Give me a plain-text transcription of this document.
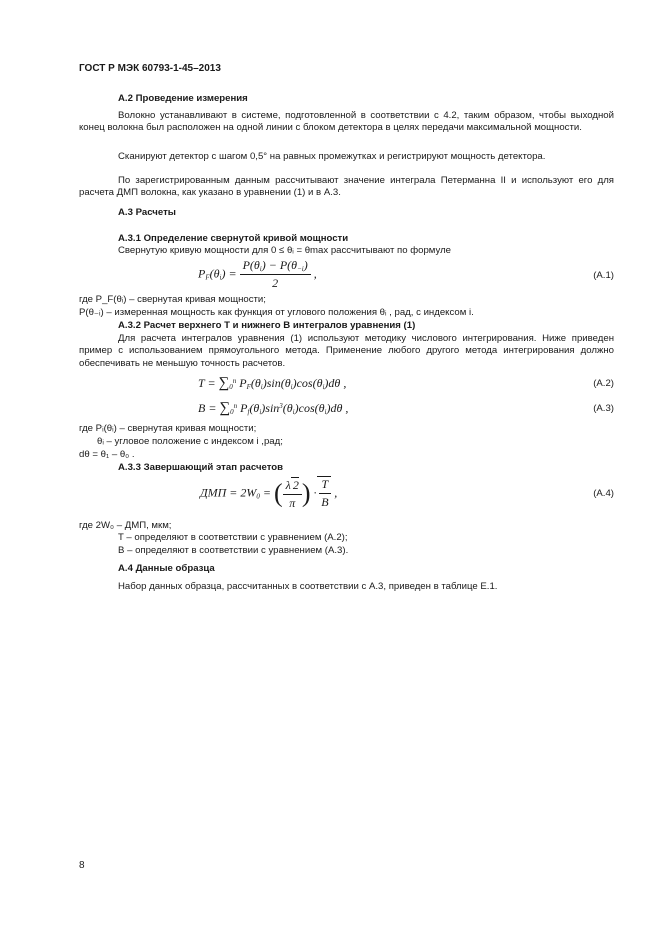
ГОСТ Р МЭК 60793-1-45–2013
А.2 Проведение измерения
Волокно устанавливают в системе, подготовленной в соответствии с 4.2, таким образом, чтобы выходной конец волокна был расположен на одной линии с блоком детектора в целях передачи максимальной мощности.
Сканируют детектор с шагом 0,5° на равных промежутках и регистрируют мощность детектора.
По зарегистрированным данным рассчитывают значение интеграла Петерманна II и используют его для расчета ДМП волокна, как указано в уравнении (1) и в А.3.
А.3 Расчеты
А.3.1 Определение свернутой кривой мощности
Свернутую кривую мощности для 0 ≤ θᵢ = θmax рассчитывают по формуле
$P_F(\theta_i) = \frac{P(\theta_i) - P(\theta_{-i})}{2}$ ,	(А.1)
где P_F(θᵢ) – свернутая кривая мощности;
P(θ₋ᵢ) – измеренная мощность как функция от углового положения θᵢ , рад, с индексом i.
А.3.2 Расчет верхнего T и нижнего B интегралов уравнения (1)
Для расчета интегралов уравнения (1) используют методику числового интегрирования. Ниже приведен пример с использованием прямоугольного метода. Применение любого другого метода интегрирования должно обеспечивать не меньшую точность расчетов.
$T = \sum_0^n$ $P_F(\theta_i)\sin(\theta_i)\cos(\theta_i)d\theta$ ,	(А.2)
$B = \sum_0^n$ $P_f(\theta_i)\sin^3(\theta_i)\cos(\theta_i)d\theta$ ,	(А.3)
где Pᵢ(θᵢ) – свернутая кривая мощности;
θᵢ – угловое положение с индексом i ,рад;
dθ = θ₁ – θ₀ .
А.3.3 Завершающий этап расчетов
ДМП = $2W_0$ = ( $\frac{\lambda 2}{\pi}$ ) · $\frac{T}{B}$ ,	(А.4)
где 2W₀ – ДМП, мкм;
T – определяют в соответствии с уравнением (А.2);
B – определяют в соответствии с уравнением (А.3).
А.4 Данные образца
Набор данных образца, рассчитанных в соответствии с А.3, приведен в таблице Е.1.
8
